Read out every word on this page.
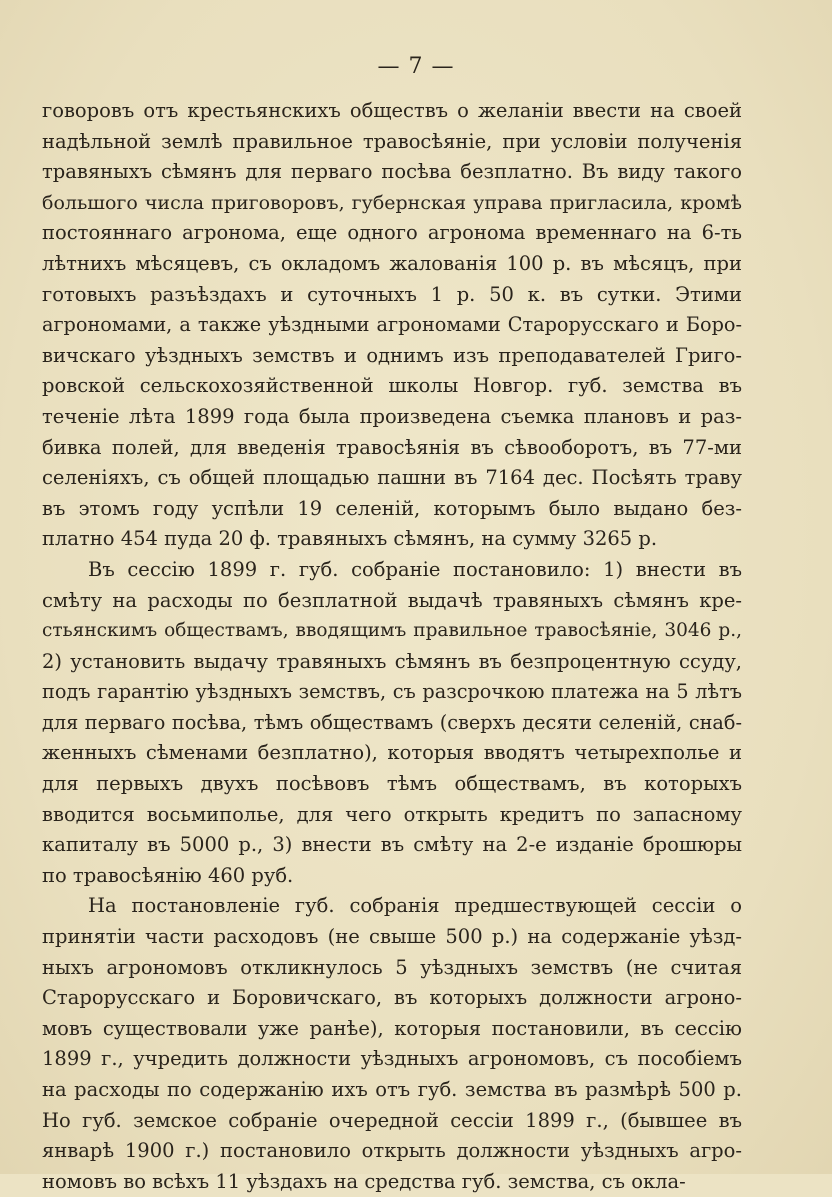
— 7 —
говоровъ отъ крестьянскихъ обществъ о желанiи ввести на своей
надѣльной землѣ правильное травосѣянiе, при условiи полученiя
травяныхъ сѣмянъ для перваго посѣва безплатно. Въ виду такого
большого числа приговоровъ, губернская управа пригласила, кромѣ
постояннаго агронома, еще одного агронома временнаго на 6-ть
лѣтнихъ мѣсяцевъ, съ окладомъ жалованiя 100 р. въ мѣсяцъ, при
готовыхъ разъѣздахъ и суточныхъ 1 р. 50 к. въ сутки. Этими
агрономами, а также уѣздными агрономами Старорусскаго и Боро-
вичскаго уѣздныхъ земствъ и однимъ изъ преподавателей Григо-
ровской сельскохозяйственной школы Новгор. губ. земства въ
теченiе лѣта 1899 года была произведена съемка плановъ и раз-
бивка полей, для введенiя травосѣянiя въ сѣвооборотъ, въ 77-ми
селенiяхъ, съ общей площадью пашни въ 7164 дес. Посѣять траву
въ этомъ году успѣли 19 селенiй, которымъ было выдано без-
платно 454 пуда 20 ф. травяныхъ сѣмянъ, на сумму 3265 р.
Въ сессiю 1899 г. губ. собранiе постановило: 1) внести въ
смѣту на расходы по безплатной выдачѣ травяныхъ сѣмянъ кре-
стьянскимъ обществамъ, вводящимъ правильное травосѣянiе, 3046 р.,
2) установить выдачу травяныхъ сѣмянъ въ безпроцентную ссуду,
подъ гарантiю уѣздныхъ земствъ, съ разсрочкою платежа на 5 лѣтъ
для перваго посѣва, тѣмъ обществамъ (сверхъ десяти селенiй, снаб-
женныхъ сѣменами безплатно), которыя вводятъ четырехполье и
для первыхъ двухъ посѣвовъ тѣмъ обществамъ, въ которыхъ
вводится восьмиполье, для чего открыть кредитъ по запасному
капиталу въ 5000 р., 3) внести въ смѣту на 2-е изданiе брошюры
по травосѣянiю 460 руб.
На постановленiе губ. собранiя предшествующей сессiи о
принятiи части расходовъ (не свыше 500 р.) на содержанiе уѣзд-
ныхъ агрономовъ откликнулось 5 уѣздныхъ земствъ (не считая
Старорусскаго и Боровичскаго, въ которыхъ должности агроно-
мовъ существовали уже ранѣе), которыя постановили, въ сессiю
1899 г., учредить должности уѣздныхъ агрономовъ, съ пособiемъ
на расходы по содержанiю ихъ отъ губ. земства въ размѣрѣ 500 р.
Но губ. земское собранiе очередной сессiи 1899 г., (бывшее въ
январѣ 1900 г.) постановило открыть должности уѣздныхъ агро-
номовъ во всѣхъ 11 уѣздахъ на средства губ. земства, съ окла-
